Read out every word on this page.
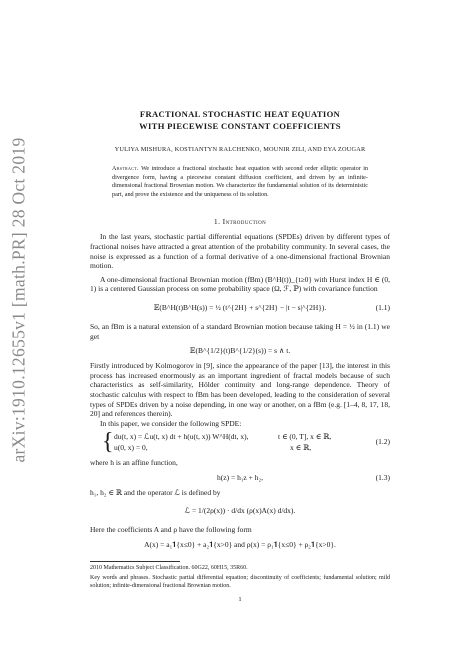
arXiv:1910.12655v1 [math.PR] 28 Oct 2019
FRACTIONAL STOCHASTIC HEAT EQUATION
WITH PIECEWISE CONSTANT COEFFICIENTS
YULIYA MISHURA, KOSTIANTYN RALCHENKO, MOUNIR ZILI, AND EYA ZOUGAR
Abstract. We introduce a fractional stochastic heat equation with second order elliptic operator in divergence form, having a piecewise constant diffusion coefficient, and driven by an infinite-dimensional fractional Brownian motion. We characterize the fundamental solution of its deterministic part, and prove the existence and the uniqueness of its solution.
1. Introduction

In the last years, stochastic partial differential equations (SPDEs) driven by different types of fractional noises have attracted a great attention of the probability community. In several cases, the noise is expressed as a function of a formal derivative of a one-dimensional fractional Brownian motion.

A one-dimensional fractional Brownian motion (fBm) (B^H(t))_{t≥0} with Hurst index H ∈ (0, 1) is a centered Gaussian process on some probability space (Ω, ℱ, ℙ) with covariance function

𝔼(B^H(t)B^H(s)) = ½ (t^{2H} + s^{2H} − |t − s|^{2H}).	(1.1)

So, an fBm is a natural extension of a standard Brownian motion because taking H = ½ in (1.1) we get

𝔼(B^{1/2}(t)B^{1/2}(s)) = s ∧ t.

Firstly introduced by Kolmogorov in [9], since the appearance of the paper [13], the interest in this process has increased enormously as an important ingredient of fractal models because of such characteristics as self-similarity, Hölder continuity and long-range dependence. Theory of stochastic calculus with respect to fBm has been developed, leading to the consideration of several types of SPDEs driven by a noise depending, in one way or another, on a fBm (e.g. [1–4, 8, 17, 18, 20] and references therein).

In this paper, we consider the following SPDE:

{ du(t, x) = ℒu(t, x) dt + h(u(t, x)) W^H(dt, x),	t ∈ (0, T], x ∈ ℝ,
u(0, x) = 0,	x ∈ ℝ,
(1.2)

where h is an affine function,

h(z) = h₁z + h₂,	(1.3)

h₁, h₂ ∈ ℝ and the operator ℒ is defined by

ℒ = 1/(2ρ(x)) · d/dx (ρ(x)A(x) d/dx).

Here the coefficients A and ρ have the following form

A(x) = a₁𝟏{x≤0} + a₂𝟏{x>0} and ρ(x) = ρ₁𝟏{x≤0} + ρ₂𝟏{x>0}.
2010 Mathematics Subject Classification. 60G22, 60H15, 35R60.
Key words and phrases. Stochastic partial differential equation; discontinuity of coefficients; fundamental solution; mild solution; infinite-dimensional fractional Brownian motion.
1
